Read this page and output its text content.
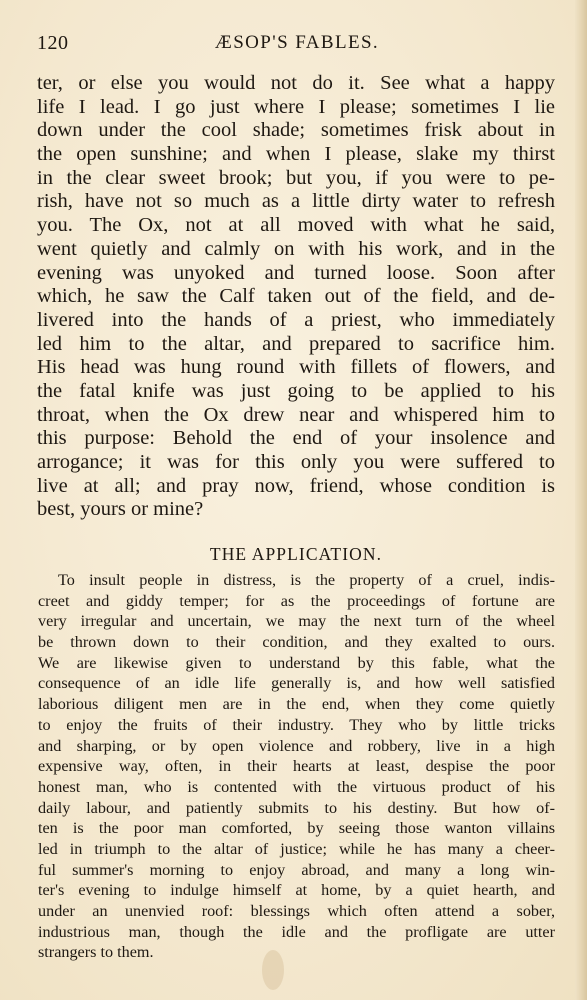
120	ÆSOP'S FABLES.
ter, or else you would not do it. See what a happy
life I lead. I go just where I please; sometimes I lie
down under the cool shade; sometimes frisk about in
the open sunshine; and when I please, slake my thirst
in the clear sweet brook; but you, if you were to pe-
rish, have not so much as a little dirty water to refresh
you. The Ox, not at all moved with what he said,
went quietly and calmly on with his work, and in the
evening was unyoked and turned loose. Soon after
which, he saw the Calf taken out of the field, and de-
livered into the hands of a priest, who immediately
led him to the altar, and prepared to sacrifice him.
His head was hung round with fillets of flowers, and
the fatal knife was just going to be applied to his
throat, when the Ox drew near and whispered him to
this purpose: Behold the end of your insolence and
arrogance; it was for this only you were suffered to
live at all; and pray now, friend, whose condition is
best, yours or mine?
THE APPLICATION.
To insult people in distress, is the property of a cruel, indis-
creet and giddy temper; for as the proceedings of fortune are
very irregular and uncertain, we may the next turn of the wheel
be thrown down to their condition, and they exalted to ours.
We are likewise given to understand by this fable, what the
consequence of an idle life generally is, and how well satisfied
laborious diligent men are in the end, when they come quietly
to enjoy the fruits of their industry. They who by little tricks
and sharping, or by open violence and robbery, live in a high
expensive way, often, in their hearts at least, despise the poor
honest man, who is contented with the virtuous product of his
daily labour, and patiently submits to his destiny. But how of-
ten is the poor man comforted, by seeing those wanton villains
led in triumph to the altar of justice; while he has many a cheer-
ful summer's morning to enjoy abroad, and many a long win-
ter's evening to indulge himself at home, by a quiet hearth, and
under an unenvied roof: blessings which often attend a sober,
industrious man, though the idle and the profligate are utter
strangers to them.
